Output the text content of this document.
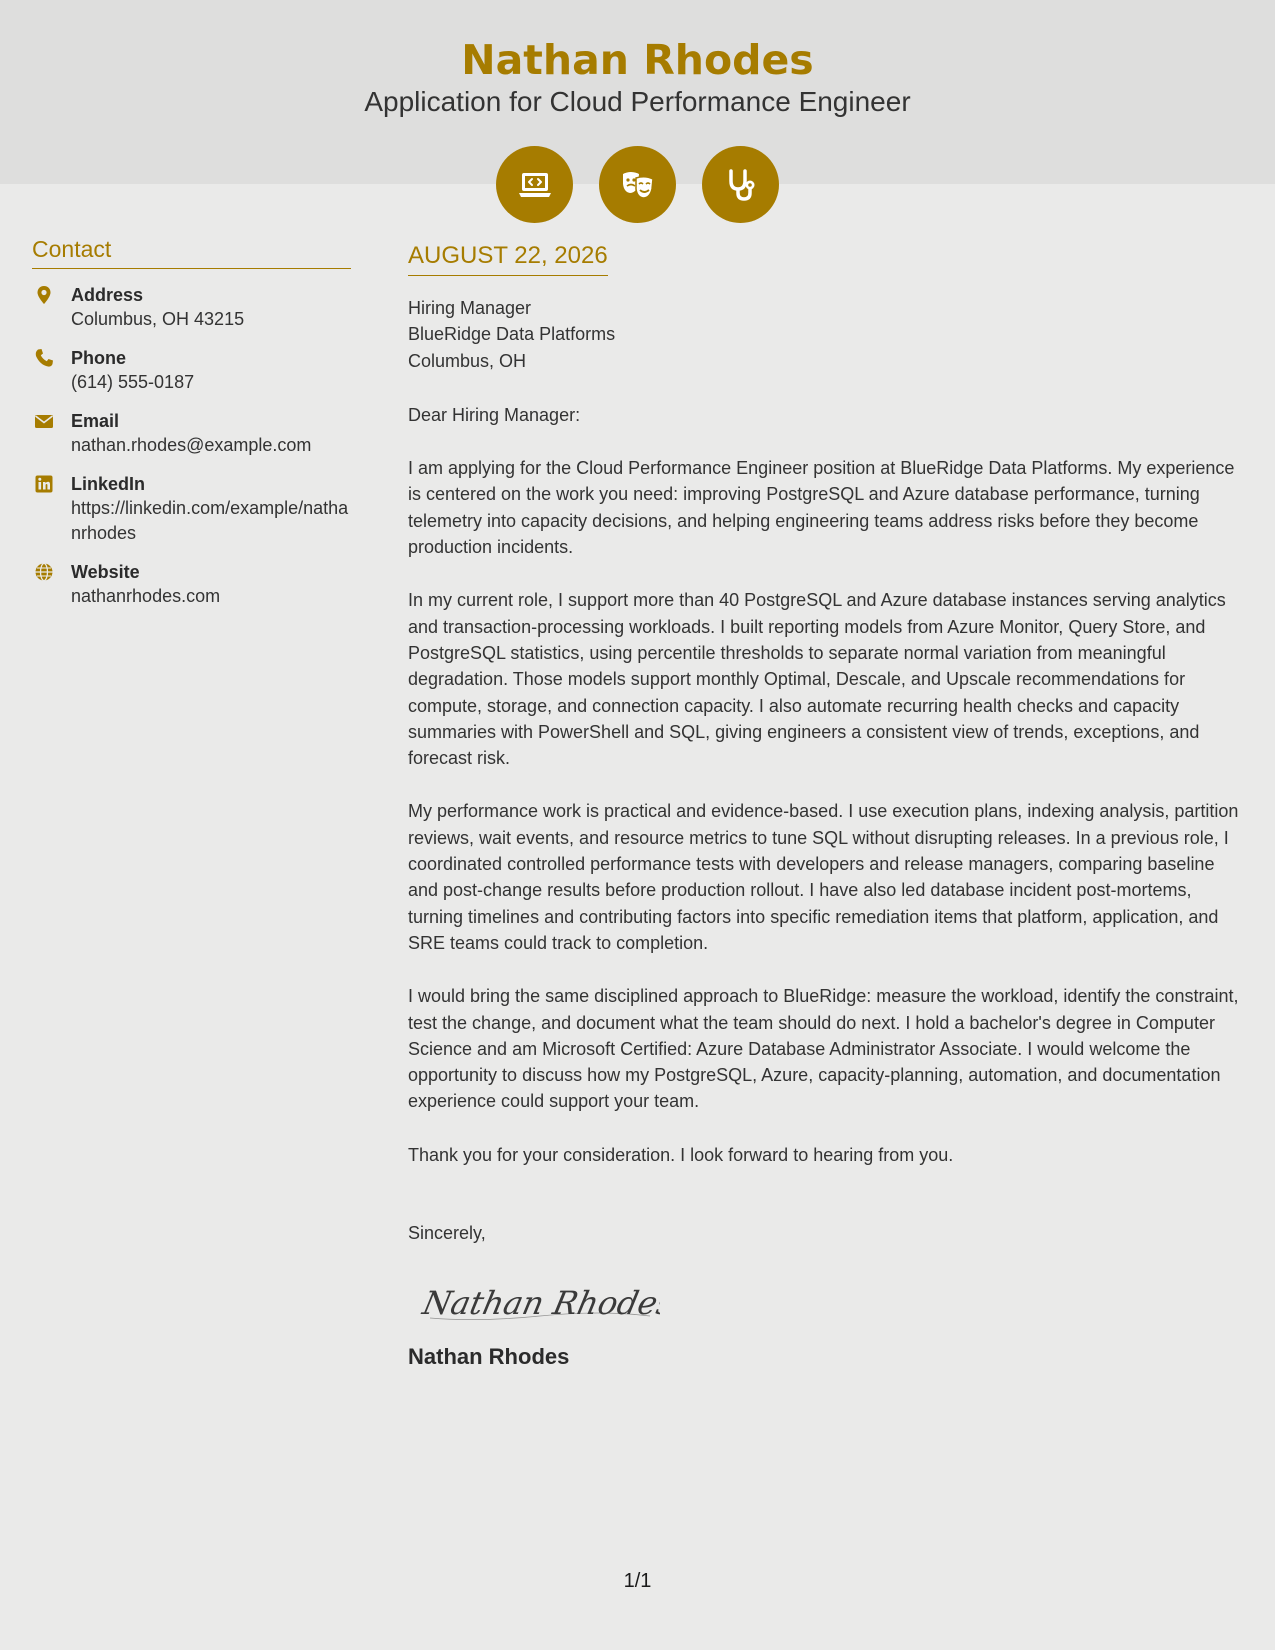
Nathan Rhodes
Application for Cloud Performance Engineer
Contact
Address
Columbus, OH 43215
Phone
(614) 555-0187
Email
nathan.rhodes@example.com
LinkedIn
https://linkedin.com/example/nathanrhodes
Website
nathanrhodes.com
AUGUST 22, 2026
Hiring Manager
BlueRidge Data Platforms
Columbus, OH
Dear Hiring Manager:

I am applying for the Cloud Performance Engineer position at BlueRidge Data Platforms. My experience is centered on the work you need: improving PostgreSQL and Azure database performance, turning telemetry into capacity decisions, and helping engineering teams address risks before they become production incidents.

In my current role, I support more than 40 PostgreSQL and Azure database instances serving analytics and transaction-processing workloads. I built reporting models from Azure Monitor, Query Store, and PostgreSQL statistics, using percentile thresholds to separate normal variation from meaningful degradation. Those models support monthly Optimal, Descale, and Upscale recommendations for compute, storage, and connection capacity. I also automate recurring health checks and capacity summaries with PowerShell and SQL, giving engineers a consistent view of trends, exceptions, and forecast risk.

My performance work is practical and evidence-based. I use execution plans, indexing analysis, partition reviews, wait events, and resource metrics to tune SQL without disrupting releases. In a previous role, I coordinated controlled performance tests with developers and release managers, comparing baseline and post-change results before production rollout. I have also led database incident post-mortems, turning timelines and contributing factors into specific remediation items that platform, application, and SRE teams could track to completion.

I would bring the same disciplined approach to BlueRidge: measure the workload, identify the constraint, test the change, and document what the team should do next. I hold a bachelor's degree in Computer Science and am Microsoft Certified: Azure Database Administrator Associate. I would welcome the opportunity to discuss how my PostgreSQL, Azure, capacity-planning, automation, and documentation experience could support your team.

Thank you for your consideration. I look forward to hearing from you.

Sincerely,
Nathan Rhodes
Nathan Rhodes
1/1
